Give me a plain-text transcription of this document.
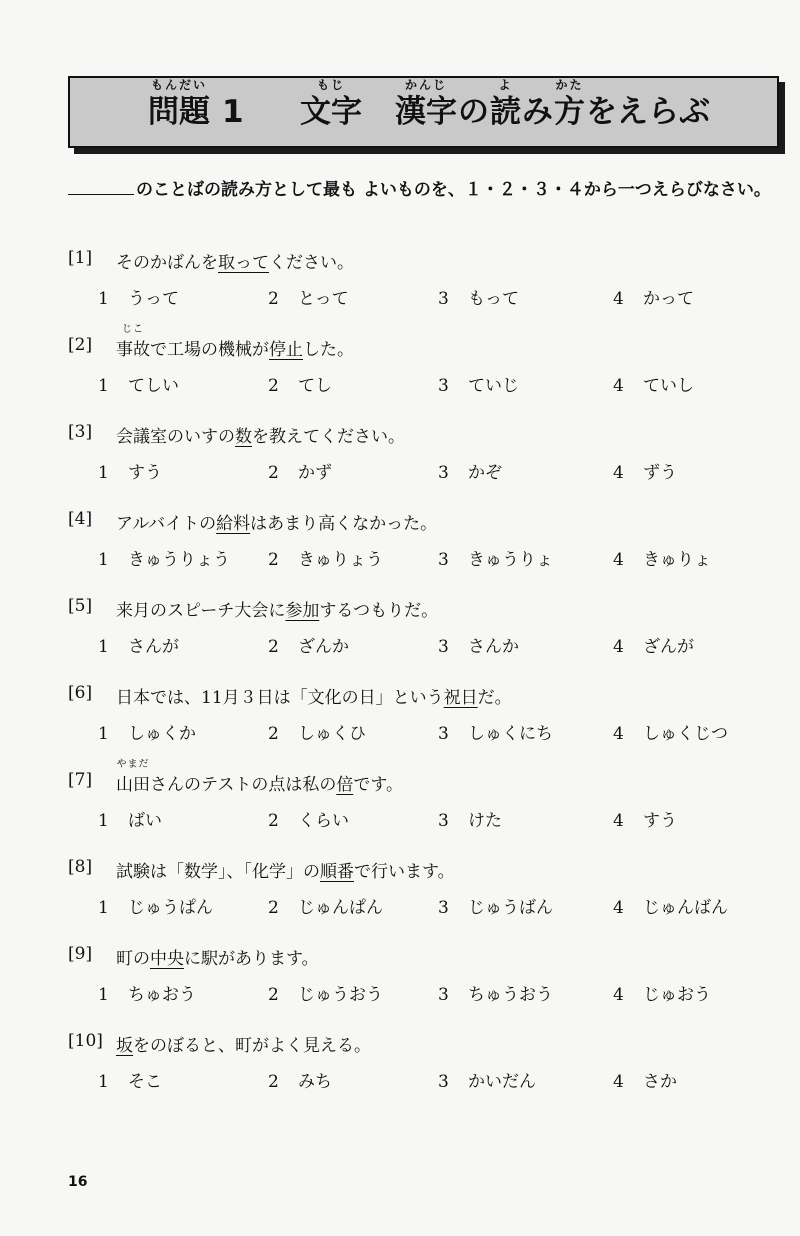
もんだい
問題 1
もじ
文字
かんじ
漢字 の
よ
読 み
かた
方 をえらぶ
のことばの読み方として最も よいものを、１・２・３・４から一つえらびなさい。
[1] そのかばんを取ってください。
1 うって	2 とって	3 もって	4 かって
[2]
じこ
事故で工場の機械が停止した。
1 てしい	2 てし	3 ていじ	4 ていし
[3] 会議室のいすの数を教えてください。
1 すう	2 かず	3 かぞ	4 ずう
[4] アルバイトの給料はあまり高くなかった。
1 きゅうりょう 2 きゅりょう	3 きゅうりょ	4 きゅりょ
[5] 来月のスピーチ大会に参加するつもりだ。
1 さんが	2 ざんか	3 さんか	4 ざんが
[6] 日本では、11月３日は「文化の日」という祝日だ。
1 しゅくか	2 しゅくひ	3 しゅくにち	4 しゅくじつ
[7]
やまだ
山田さんのテストの点は私の倍です。
1 ばい	2 くらい	3 けた	4 すう
[8] 試験は「数学」、「化学」の順番で行います。
1 じゅうぱん	2 じゅんぱん	3 じゅうばん	4 じゅんばん
[9] 町の中央に駅があります。
1 ちゅおう	2 じゅうおう	3 ちゅうおう	4 じゅおう
[10] 坂をのぼると、町がよく見える。
1 そこ	2 みち	3 かいだん	4 さか
16
